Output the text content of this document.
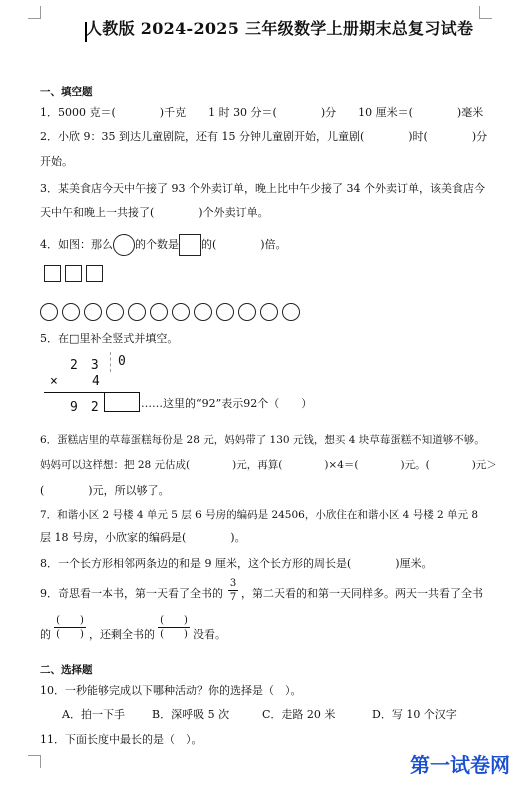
人教版 2024-2025 三年级数学上册期末总复习试卷
一、填空题
1．5000 克＝(　　　　)千克　　1 时 30 分＝(　　　　)分　　10 厘米＝(　　　　)毫米
2．小欣 9：35 到达儿童剧院，还有 15 分钟儿童剧开始，儿童剧(　　　　)时(　　　　)分
开始。
3．某美食店今天中午接了 93 个外卖订单，晚上比中午少接了 34 个外卖订单，该美食店今
天中午和晚上一共接了(　　　　)个外卖订单。
4．如图：那么 的个数是 的(　　　　)倍。
5．在□里补全竖式并填空。
2　3 0
×	4
9　2	……这里的“92”表示92个（　　）
6．蛋糕店里的草莓蛋糕每份是 28 元，妈妈带了 130 元钱，想买 4 块草莓蛋糕不知道够不够。
妈妈可以这样想：把 28 元估成(　　　　)元，再算(　　　　)×4＝(　　　　)元。(　　　　)元＞
(　　　　)元，所以够了。
7．和谐小区 2 号楼 4 单元 5 层 6 号房的编码是 24506，小欣住在和谐小区 4 号楼 2 单元 8
层 18 号房，小欣家的编码是(　　　　)。
8．一个长方形相邻两条边的和是 9 厘米，这个长方形的周长是(　　　　)厘米。
9．奇思看一本书，第一天看了全书的
3
7 ，第二天看的和第一天同样多。两天一共看了全书
的
(　　)
(　　) ，还剩全书的
(　　)
(　　) 没看。
二、选择题
10．一秒能够完成以下哪种活动？你的选择是（　）。
A．拍一下手 B．深呼吸 5 次	C．走路 20 米	D．写 10 个汉字
11．下面长度中最长的是（　）。
第一试卷网
